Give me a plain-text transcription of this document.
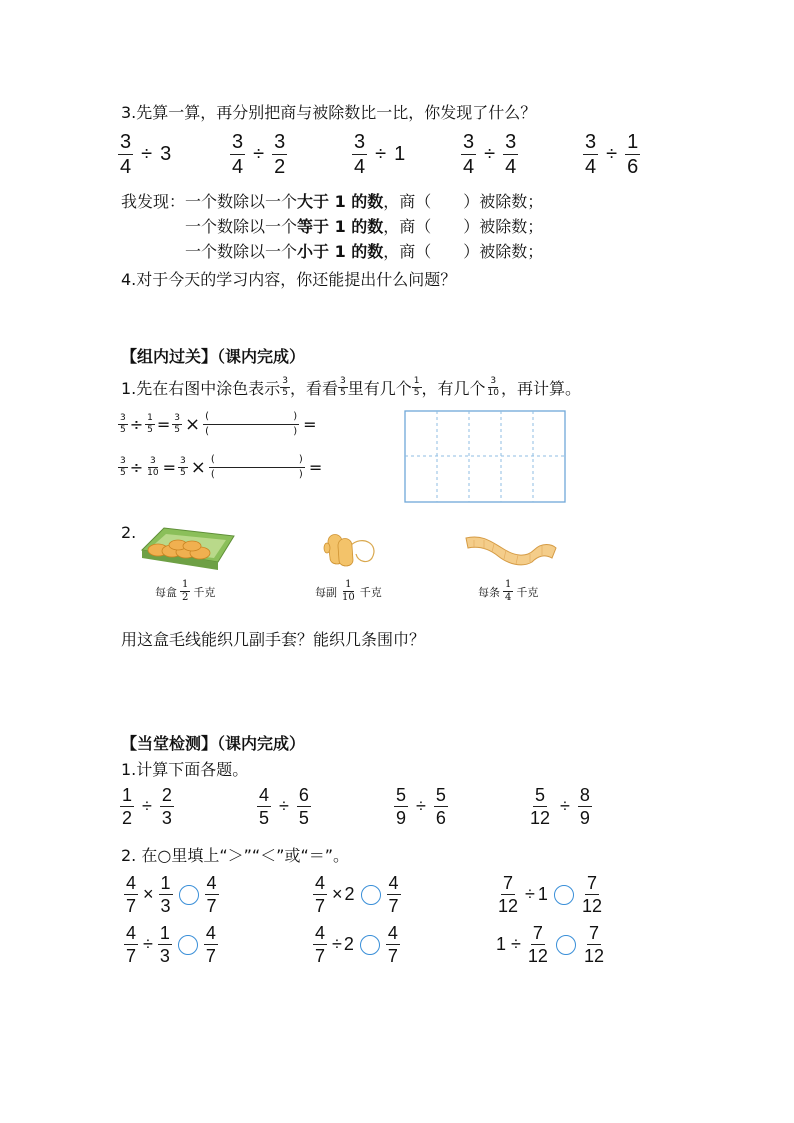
3.先算一算，再分别把商与被除数比一比，你发现了什么？
$\frac{3}{4} \div 3$	$\frac{3}{4} \div \frac{3}{2}$	$\frac{3}{4} \div 1$	$\frac{3}{4} \div \frac{3}{4}$	$\frac{3}{4} \div \frac{1}{6}$
我发现： 一个数除以一个大于 1 的数，商（　　）被除数；
一个数除以一个等于 1 的数，商（　　）被除数；
一个数除以一个小于 1 的数，商（　　）被除数；
4.对于今天的学习内容，你还能提出什么问题？
【组内过关】（课内完成）
1.先在右图中涂色表示 $\frac{3}{5}$ ，看看 $\frac{3}{5}$ 里有几个 $\frac{1}{5}$ ，有几个 $\frac{3}{10}$ ，再计算。
$\frac{3}{5} \div \frac{1}{5} = \frac{3}{5}$ × (	)
(	) =
$\frac{3}{5} \div \frac{3}{10} = \frac{3}{5}$ × (	)
(	) =
2.
每盒 $\frac{1}{2}$ 千克	每副 $\frac{1}{10}$ 千克	每条 $\frac{1}{4}$ 千克
用这盒毛线能织几副手套？能织几条围巾？
【当堂检测】（课内完成）
1.计算下面各题。
$\frac{1}{2} \div \frac{2}{3}$	$\frac{4}{5} \div \frac{6}{5}$	$\frac{5}{9} \div \frac{5}{6}$	$\frac{5}{12} \div \frac{8}{9}$
2. 在○里填上“＞”“＜”或“＝”。
$\frac{4}{7} \times \frac{1}{3} \frac{4}{7}$	$\frac{4}{7} \times 2 \frac{4}{7}$	$\frac{7}{12} \div 1 \frac{7}{12}$
$\frac{4}{7} \div \frac{1}{3} \frac{4}{7}$	$\frac{4}{7} \div 2 \frac{4}{7}$	$1 \div \frac{7}{12} \frac{7}{12}$
